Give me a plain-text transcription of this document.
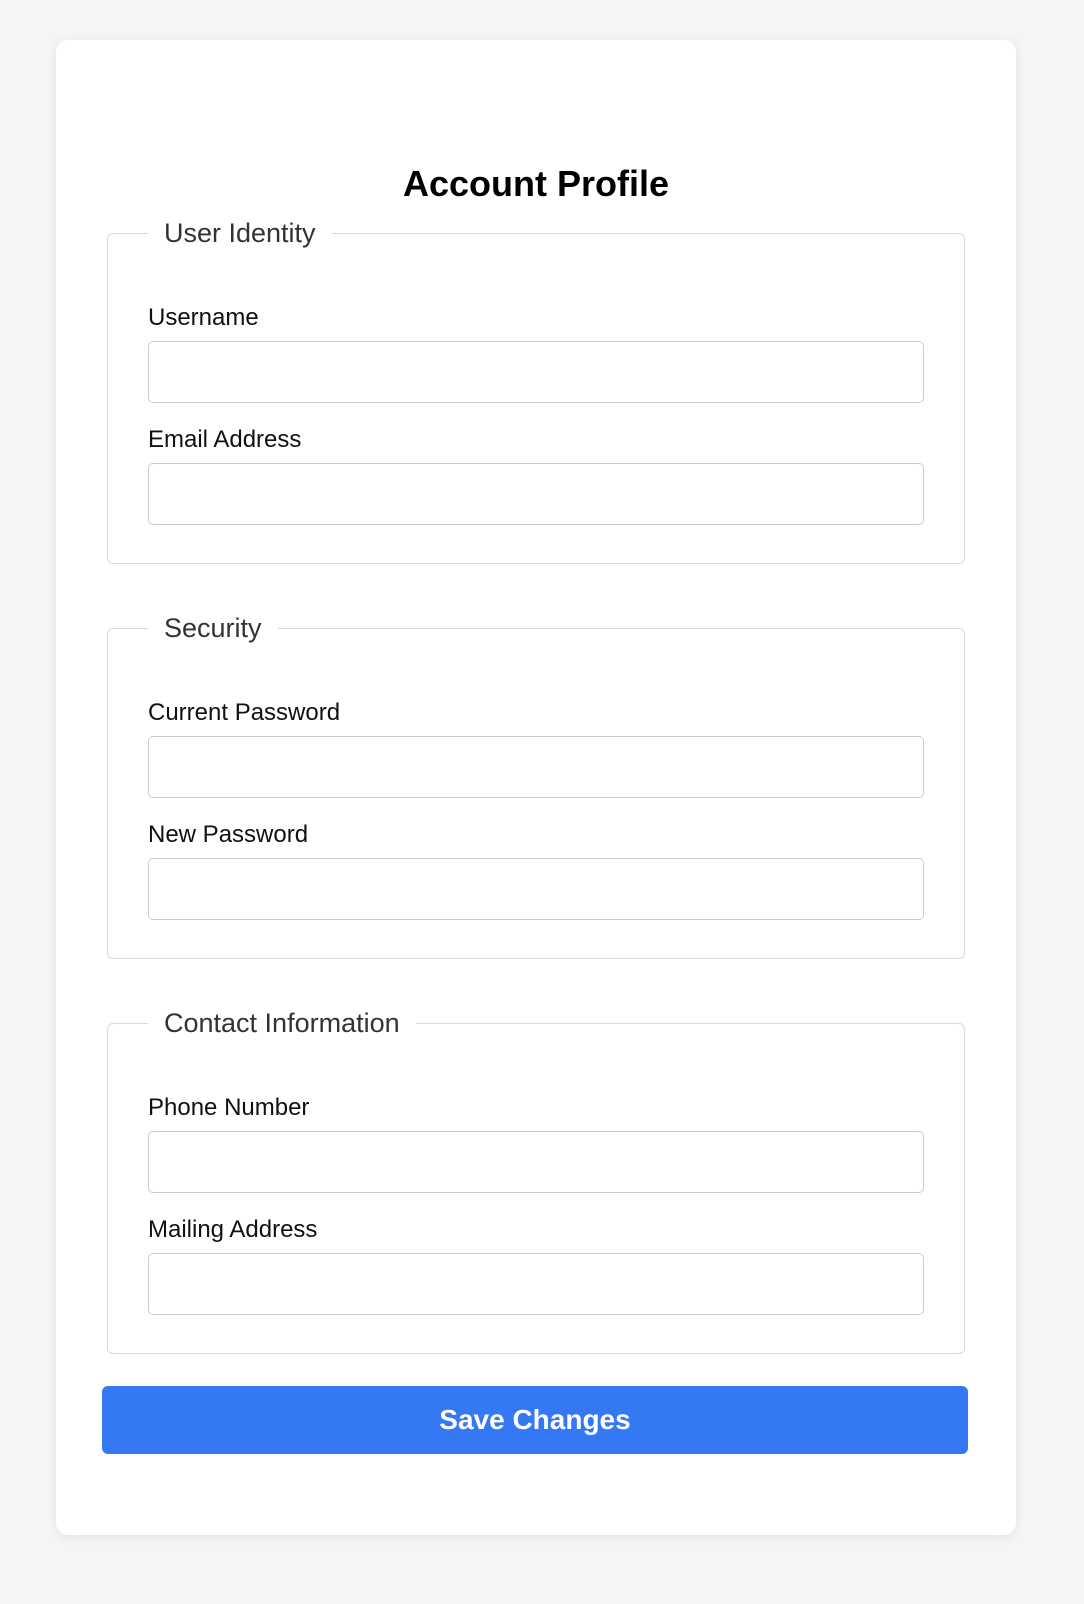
Account Profile
User Identity
Username
Email Address
Security
Current Password
New Password
Contact Information
Phone Number
Mailing Address
Save Changes
